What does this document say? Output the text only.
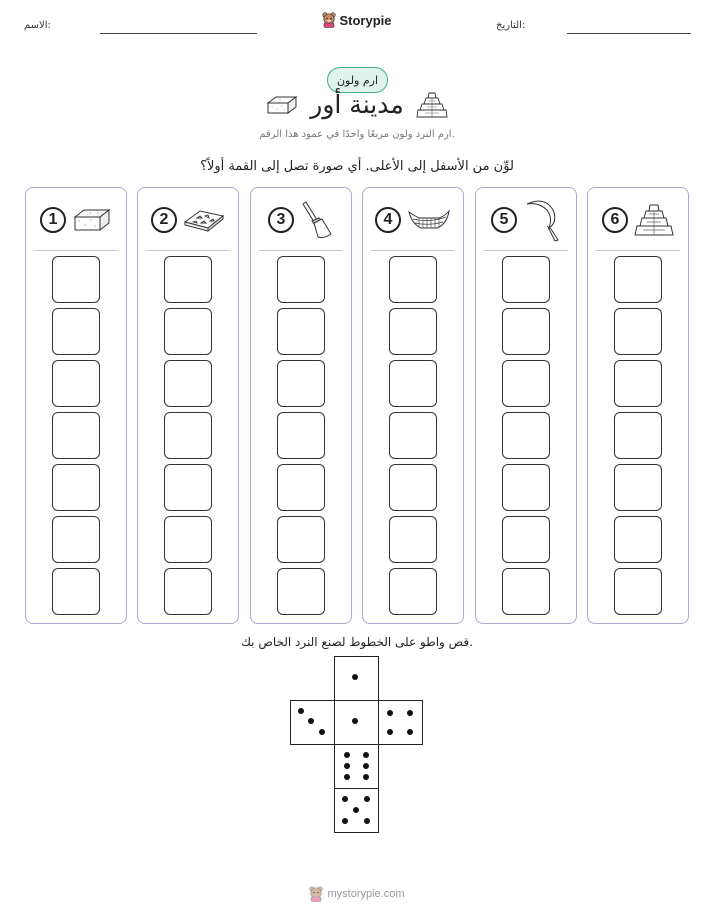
الاسم:	التاريخ:
Storypie
ارم ولون
مدينة أور
ارم النرد ولون مربعًا واحدًا في عمود هذا الرقم.
لوِّن من الأسفل إلى الأعلى. أي صورة تصل إلى القمة أولاً؟
1	2	3	4	5	6
قص واطو على الخطوط لصنع النرد الخاص بك.
mystorypie.com
